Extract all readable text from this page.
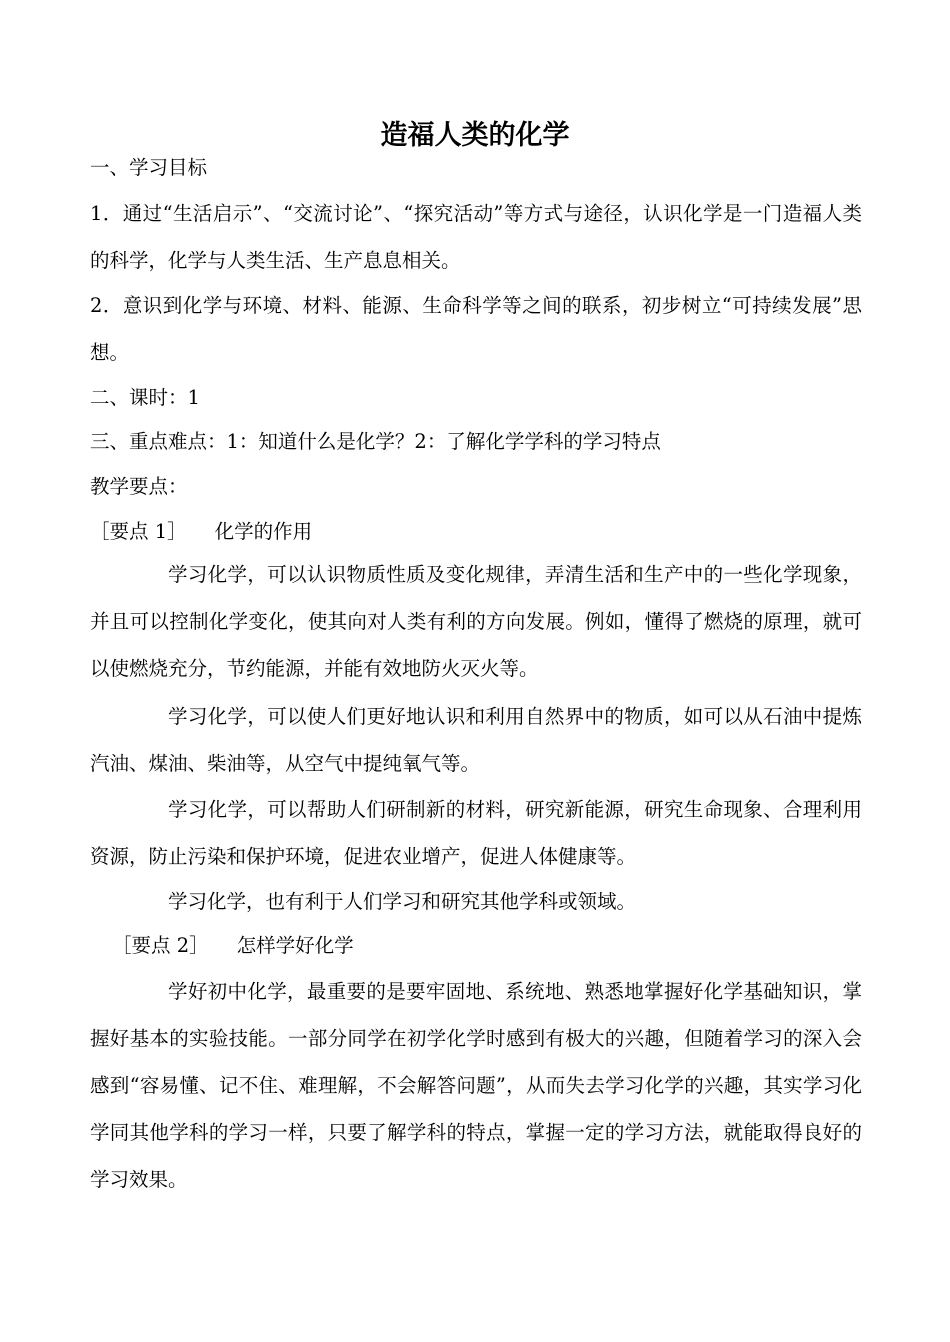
造福人类的化学
一、学习目标
1．通过“生活启示”、“交流讨论”、“探究活动”等方式与途径，认识化学是一门造福人类的科学，化学与人类生活、生产息息相关。
2．意识到化学与环境、材料、能源、生命科学等之间的联系，初步树立“可持续发展”思想。
二、课时：1
三、重点难点：1：知道什么是化学？2：了解化学学科的学习特点
教学要点：
［要点 1］ 化学的作用
学习化学，可以认识物质性质及变化规律，弄清生活和生产中的一些化学现象，并且可以控制化学变化，使其向对人类有利的方向发展。例如，懂得了燃烧的原理，就可以使燃烧充分，节约能源，并能有效地防火灭火等。
学习化学，可以使人们更好地认识和利用自然界中的物质，如可以从石油中提炼汽油、煤油、柴油等，从空气中提纯氧气等。
学习化学，可以帮助人们研制新的材料，研究新能源，研究生命现象、合理利用资源，防止污染和保护环境，促进农业增产，促进人体健康等。
学习化学，也有利于人们学习和研究其他学科或领域。
［要点 2］ 怎样学好化学
学好初中化学，最重要的是要牢固地、系统地、熟悉地掌握好化学基础知识，掌握好基本的实验技能。一部分同学在初学化学时感到有极大的兴趣，但随着学习的深入会感到“容易懂、记不住、难理解，不会解答问题”，从而失去学习化学的兴趣，其实学习化学同其他学科的学习一样，只要了解学科的特点，掌握一定的学习方法，就能取得良好的学习效果。
